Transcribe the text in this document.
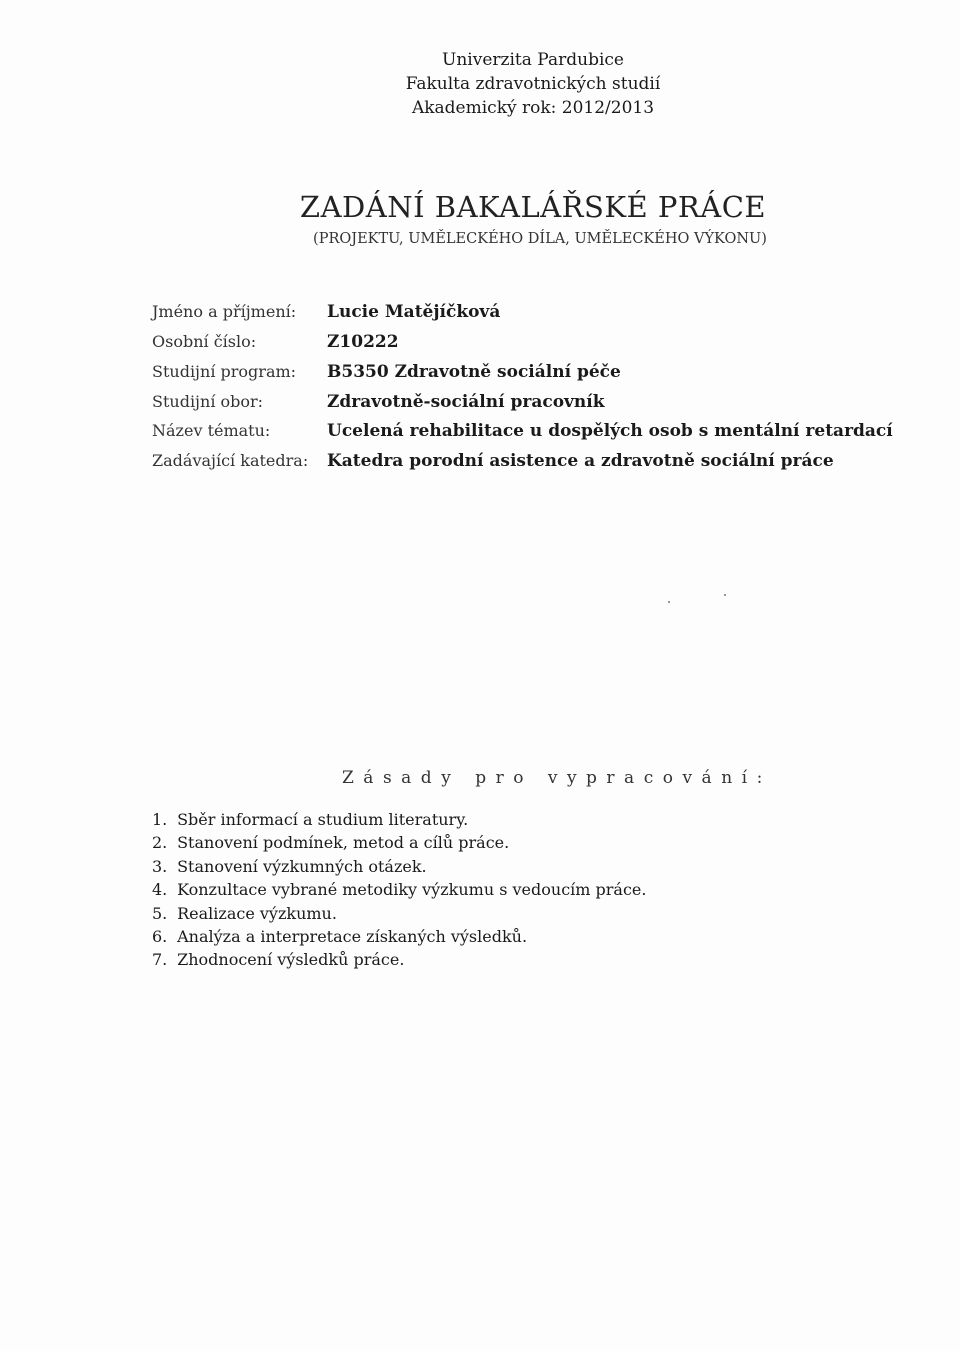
Univerzita Pardubice
Fakulta zdravotnických studií
Akademický rok: 2012/2013
ZADÁNÍ BAKALÁŘSKÉ PRÁCE
(PROJEKTU, UMĚLECKÉHO DÍLA, UMĚLECKÉHO VÝKONU)
Jméno a příjmení: Lucie Matějíčková
Osobní číslo:	Z10222
Studijní program: B5350 Zdravotně sociální péče
Studijní obor:	Zdravotně-sociální pracovník
Název tématu:	Ucelená rehabilitace u dospělých osob s mentální retardací
Zadávající katedra: Katedra porodní asistence a zdravotně sociální práce
Zásady pro vypracování:
1. Sběr informací a studium literatury.
2. Stanovení podmínek, metod a cílů práce.
3. Stanovení výzkumných otázek.
4. Konzultace vybrané metodiky výzkumu s vedoucím práce.
5. Realizace výzkumu.
6. Analýza a interpretace získaných výsledků.
7. Zhodnocení výsledků práce.
